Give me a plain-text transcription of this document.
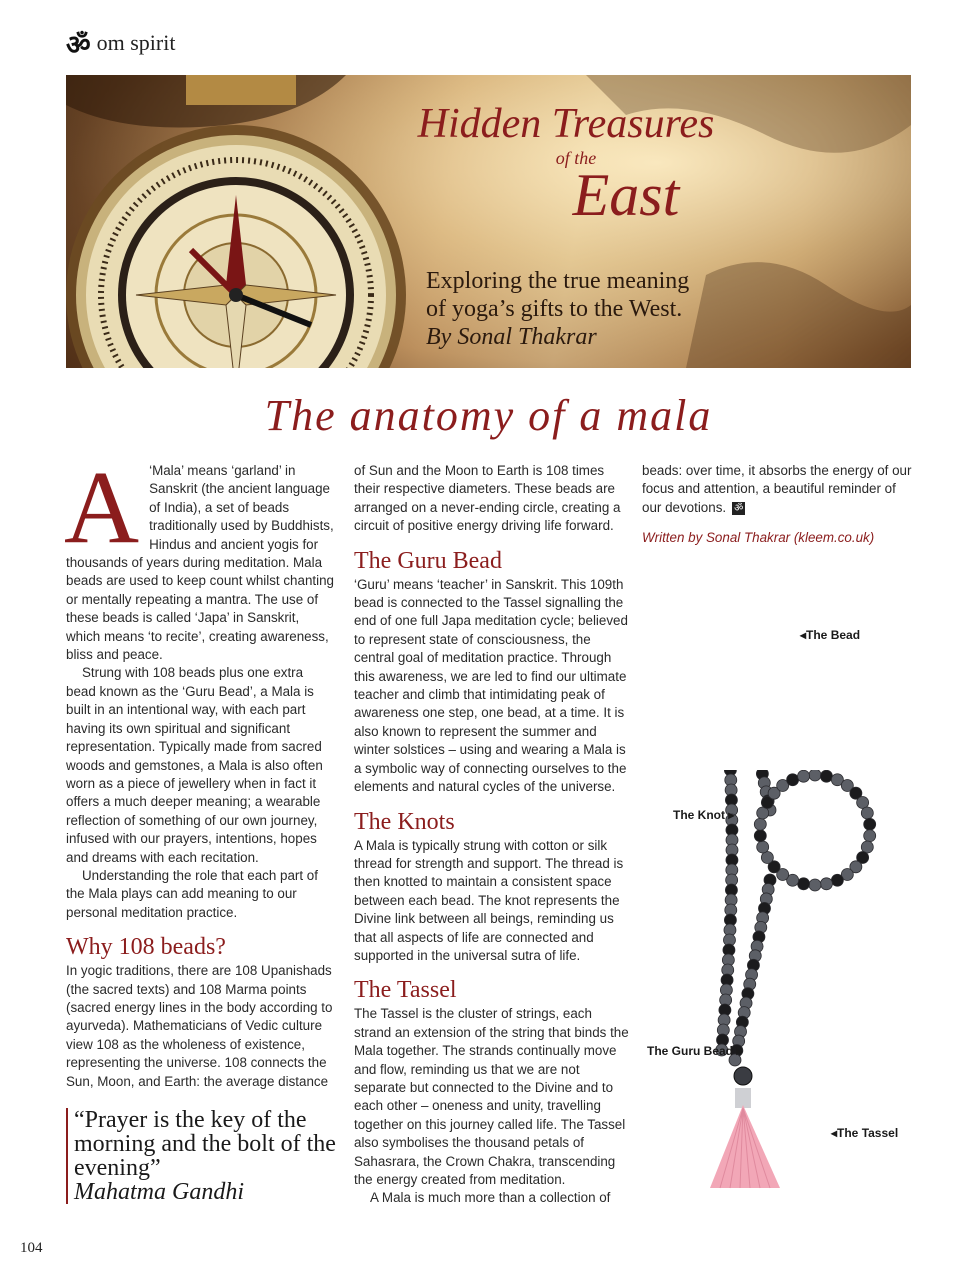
ॐ om spirit
Hidden Treasures
of the
East
Exploring the true meaning
of yoga’s gifts to the West.
By Sonal Thakrar
The anatomy of a mala
A ‘Mala’ means ‘garland’ in Sanskrit (the ancient language of India), a set of beads traditionally used by Buddhists, Hindus and ancient yogis for thousands of years during meditation. Mala beads are used to keep count whilst chanting or mentally repeating a mantra. The use of these beads is called ‘Japa’ in Sanskrit, which means ‘to recite’, creating awareness, bliss and peace.

Strung with 108 beads plus one extra bead known as the ‘Guru Bead’, a Mala is built in an intentional way, with each part having its own spiritual and significant representation. Typically made from sacred woods and gemstones, a Mala is also often worn as a piece of jewellery when in fact it offers a much deeper meaning; a wearable reflection of something of our own journey, infused with our prayers, intentions, hopes and dreams with each recitation.

Understanding the role that each part of the Mala plays can add meaning to our personal meditation practice.

Why 108 beads?

In yogic traditions, there are 108 Upanishads (the sacred texts) and 108 Marma points (sacred energy lines in the body according to ayurveda). Mathematicians of Vedic culture view 108 as the wholeness of existence, representing the universe. 108 connects the Sun, Moon, and Earth: the average distance

“Prayer is the key of the morning and the bolt of the evening”
Mahatma Gandhi

of Sun and the Moon to Earth is 108 times their respective diameters. These beads are arranged on a never-ending circle, creating a circuit of positive energy driving life forward.

The Guru Bead

‘Guru’ means ‘teacher’ in Sanskrit. This 109th bead is connected to the Tassel signalling the end of one full Japa meditation cycle; believed to represent state of consciousness, the central goal of meditation practice. Through this awareness, we are led to find our ultimate teacher and climb that intimidating peak of awareness one step, one bead, at a time. It is also known to represent the summer and winter solstices – using and wearing a Mala is a symbolic way of connecting ourselves to the elements and natural cycles of the universe.

The Knots

A Mala is typically strung with cotton or silk thread for strength and support. The thread is then knotted to maintain a consistent space between each bead. The knot represents the Divine link between all beings, reminding us that all aspects of life are connected and supported in the universal sutra of life.

The Tassel

The Tassel is the cluster of strings, each strand an extension of the string that binds the Mala together. The strands continually move and flow, reminding us that we are not separate but connected to the Divine and to each other – oneness and unity, travelling together on this journey called life. The Tassel also symbolises the thousand petals of Sahasrara, the Crown Chakra, transcending the energy created from meditation.

A Mala is much more than a collection of

beads: over time, it absorbs the energy of our focus and attention, a beautiful reminder of our devotions. ॐ

Written by Sonal Thakrar (kleem.co.uk)

◂The Bead
The Knot ▸
The Guru Bead ▸
◂The Tassel
104
